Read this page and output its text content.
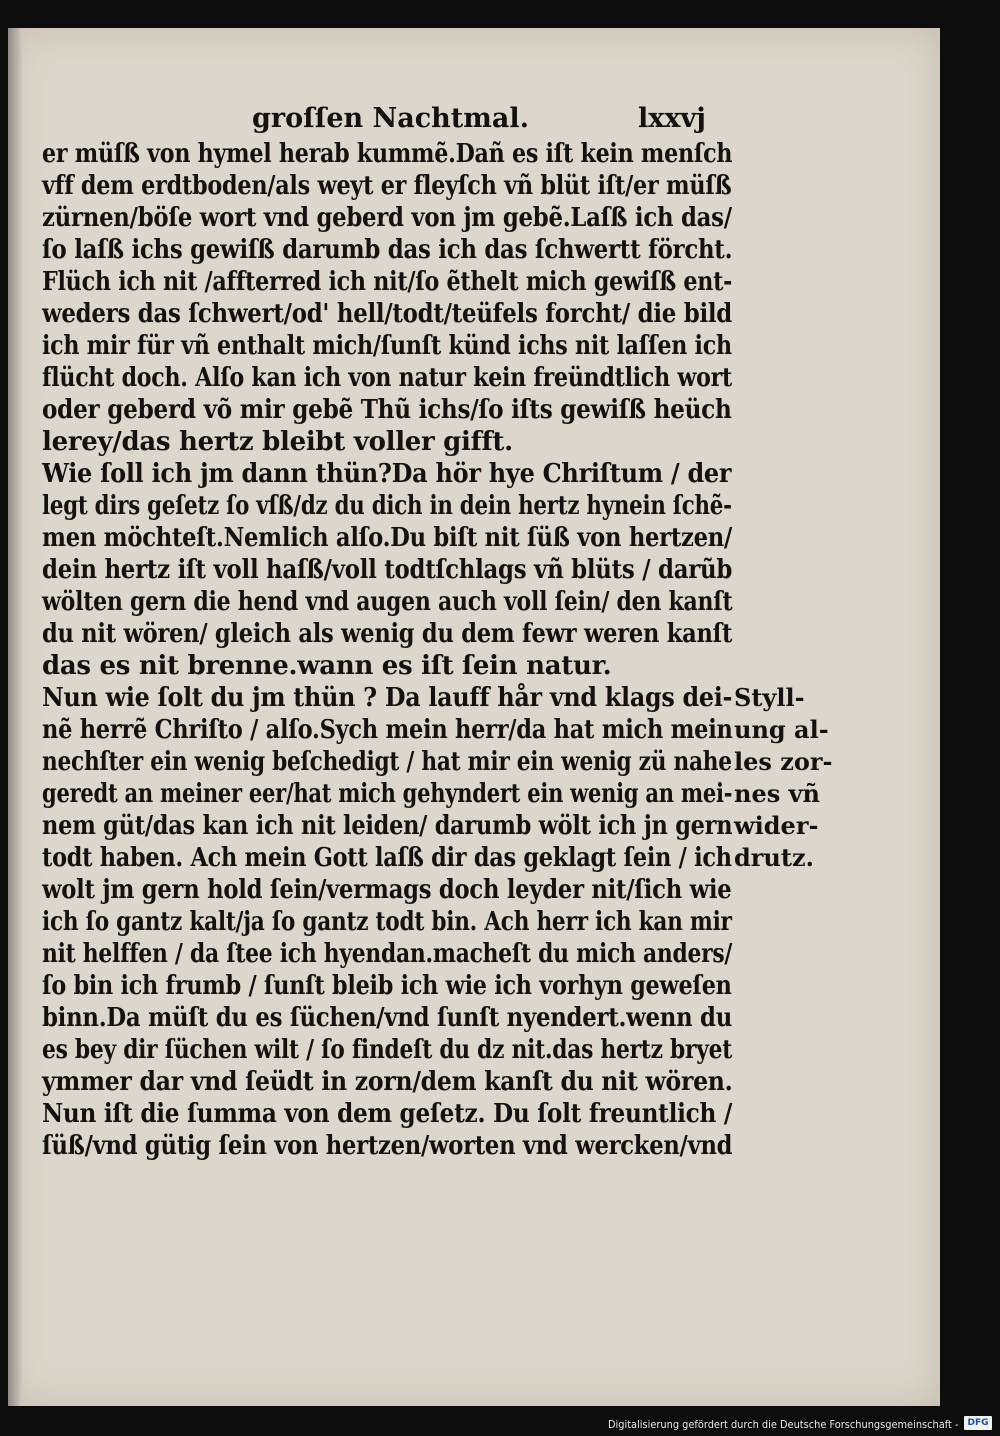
groſſen Nachtmal.	lxxvj
er müſß von hymel herab kummẽ.Dañ es iſt kein menſch
vff dem erdtboden/als weyt er fleyſch vñ blüt iſt/er müſß
zürnen/böſe wort vnd geberd von jm gebẽ.Laſß ich das/
ſo laſß ichs gewiſß darumb das ich das ſchwertt förcht.
Flüch ich nit /affterred ich nit/ſo ẽthelt mich gewiſß ent-
weders das ſchwert/od' hell/todt/teüfels forcht/ die bild
ich mir für vñ enthalt mich/ſunſt künd ichs nit laſſen ich
flücht doch. Alſo kan ich von natur kein freündtlich wort
oder geberd võ mir gebẽ Thũ ichs/ſo iſts gewiſß heüch
lerey/das hertz bleibt voller gifft.
Wie ſoll ich jm dann thün?Da hör hye Chriſtum / der
legt dirs geſetz ſo vſß/dz du dich in dein hertz hynein ſchẽ-
men möchteſt.Nemlich alſo.Du biſt nit ſüß von hertzen/
dein hertz iſt voll haſß/voll todtſchlags vñ blüts / darũb
wölten gern die hend vnd augen auch voll ſein/ den kanſt
du nit wören/ gleich als wenig du dem fewr weren kanſt
das es nit brenne.wann es iſt ſein natur.
Nun wie ſolt du jm thün ? Da lauff hår vnd klags dei-
nẽ herrẽ Chriſto / alſo.Sych mein herr/da hat mich mein
nechſter ein wenig beſchedigt / hat mir ein wenig zü nahe
geredt an meiner eer/hat mich gehyndert ein wenig an mei-
nem güt/das kan ich nit leiden/ darumb wölt ich jn gern
todt haben. Ach mein Gott laſß dir das geklagt ſein / ich
wolt jm gern hold ſein/vermags doch leyder nit/ſich wie
ich ſo gantz kalt/ja ſo gantz todt bin. Ach herr ich kan mir
nit helffen / da ſtee ich hyendan.macheſt du mich anders/
ſo bin ich frumb / ſunſt bleib ich wie ich vorhyn geweſen
binn.Da müſt du es ſüchen/vnd ſunſt nyendert.wenn du
es bey dir ſüchen wilt / ſo findeſt du dz nit.das hertz bryet
ymmer dar vnd ſeüdt in zorn/dem kanſt du nit wören.
Nun iſt die ſumma von dem geſetz. Du ſolt freuntlich /
ſüß/vnd gütig ſein von hertzen/worten vnd wercken/vnd
Styll-
ung al-
les zor-
nes vñ
wider-
drutz.
Digitalisierung gefördert durch die Deutsche Forschungsgemeinschaft - DFG
